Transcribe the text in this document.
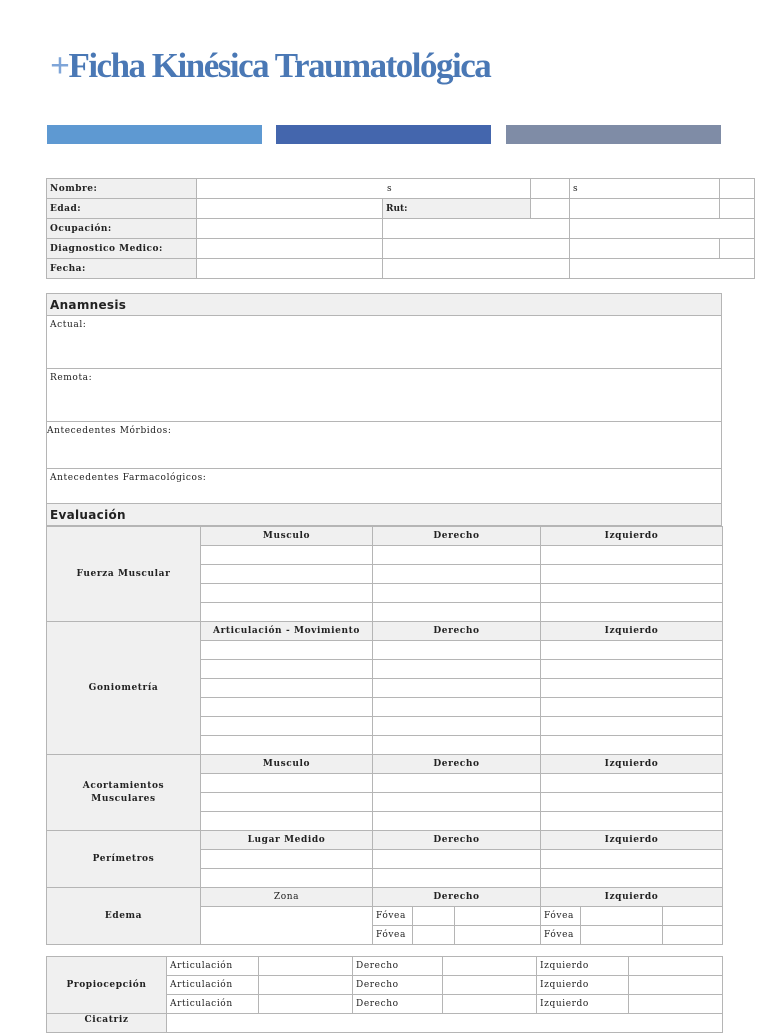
+Ficha Kinésica Traumatológica
Nombre:	s			s	
Edad:		Rut:			
Ocupación:					
Diagnostico Medico:					
Fecha:					
Anamnesis
Actual:
Remota:
Antecedentes Mórbidos:
Antecedentes Farmacológicos:
Evaluación
Fuerza Muscular	Musculo	Derecho			Izquierdo		

Goniometría	Articulación - Movimiento	Derecho			Izquierdo		

Acortamientos Musculares	Musculo	Derecho			Izquierdo		

Perímetros	Lugar Medido	Derecho			Izquierdo		

Edema	Zona	Derecho			Izquierdo		
		Fóvea			Fóvea		
		Fóvea			Fóvea		
Propiocepción	Articulación		Derecho		Izquierdo	
	Articulación		Derecho		Izquierdo	
	Articulación		Derecho		Izquierdo	
Cicatriz						
